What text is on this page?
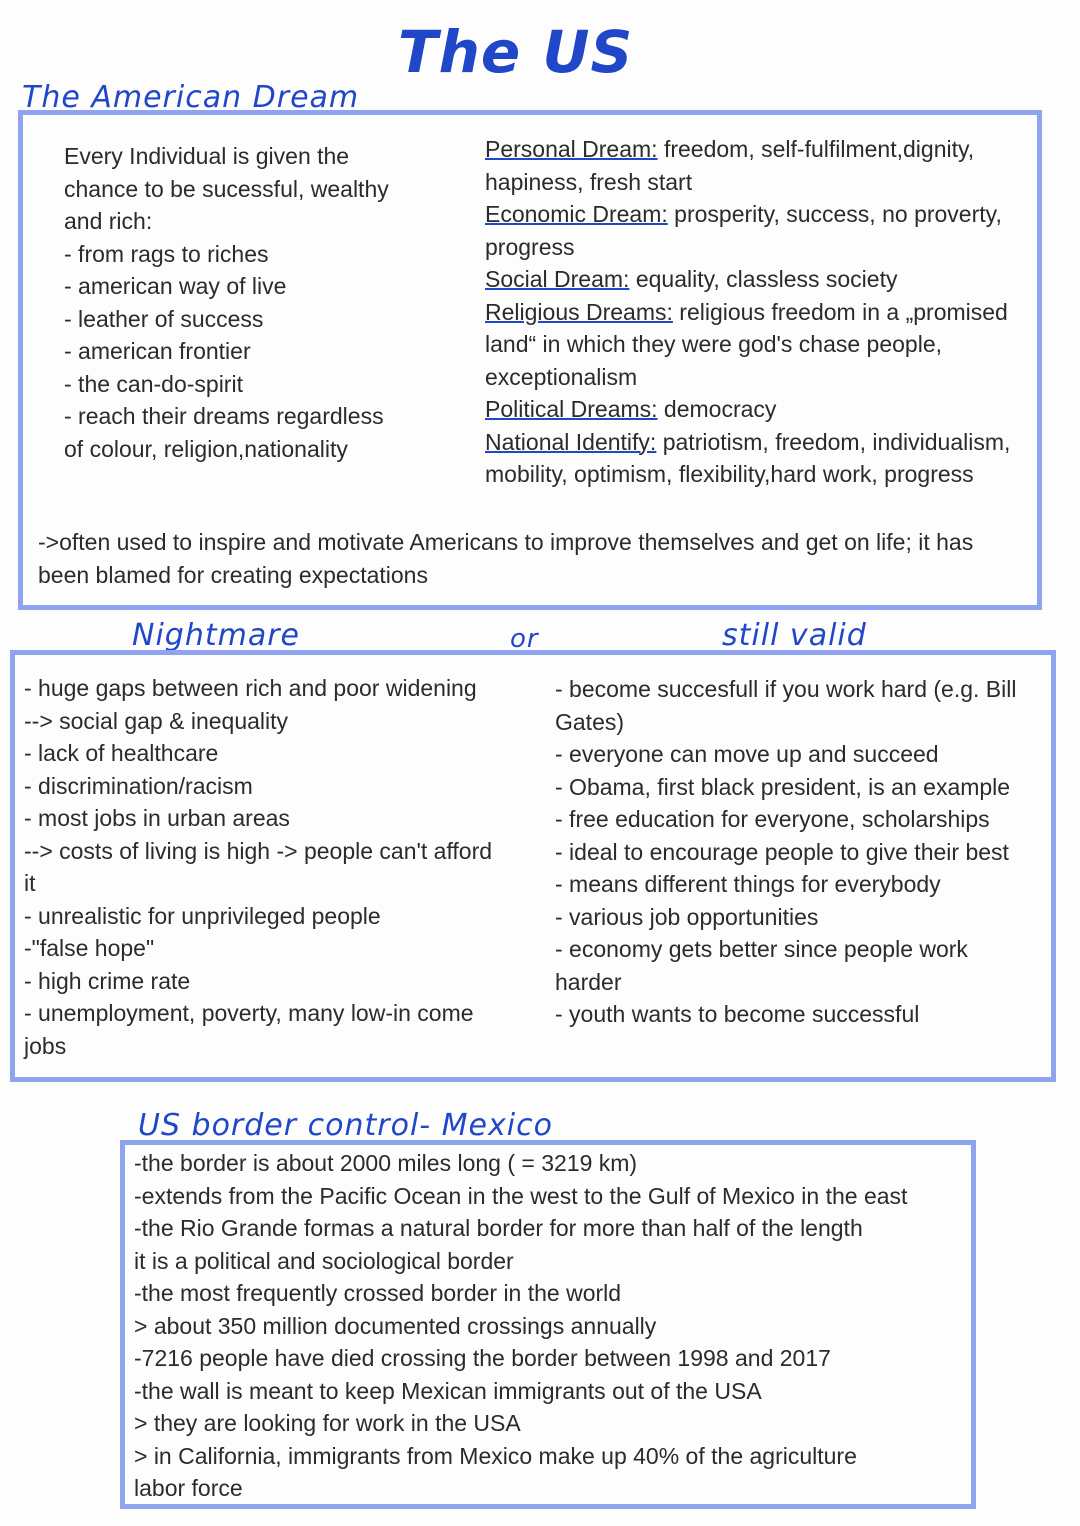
The US
The American Dream
Every Individual is given the
chance to be sucessful, wealthy
and rich:
- from rags to riches
- american way of live
- leather of success
- american frontier
- the can-do-spirit
- reach their dreams regardless
of colour, religion,nationality
Personal Dream: freedom, self-fulfilment,dignity,
hapiness, fresh start
Economic Dream: prosperity, success, no proverty,
progress
Social Dream: equality, classless society
Religious Dreams: religious freedom in a „promised
land“ in which they were god's chase people,
exceptionalism
Political Dreams: democracy
National Identify: patriotism, freedom, individualism,
mobility, optimism, flexibility,hard work, progress
->often used to inspire and motivate Americans to improve themselves and get on life; it has
been blamed for creating expectations
Nightmare	or	still valid
- huge gaps between rich and poor widening
--> social gap & inequality
- lack of healthcare
- discrimination/racism
- most jobs in urban areas
--> costs of living is high -> people can't afford
it
- unrealistic for unprivileged people
-"false hope"
- high crime rate
- unemployment, poverty, many low-in come
jobs
- become succesfull if you work hard (e.g. Bill
Gates)
- everyone can move up and succeed
- Obama, first black president, is an example
- free education for everyone, scholarships
- ideal to encourage people to give their best
- means different things for everybody
- various job opportunities
- economy gets better since people work
harder
- youth wants to become successful
US border control- Mexico
-the border is about 2000 miles long ( = 3219 km)
-extends from the Pacific Ocean in the west to the Gulf of Mexico in the east
-the Rio Grande formas a natural border for more than half of the length
it is a political and sociological border
-the most frequently crossed border in the world
> about 350 million documented crossings annually
-7216 people have died crossing the border between 1998 and 2017
-the wall is meant to keep Mexican immigrants out of the USA
> they are looking for work in the USA
> in California, immigrants from Mexico make up 40% of the agriculture
labor force
